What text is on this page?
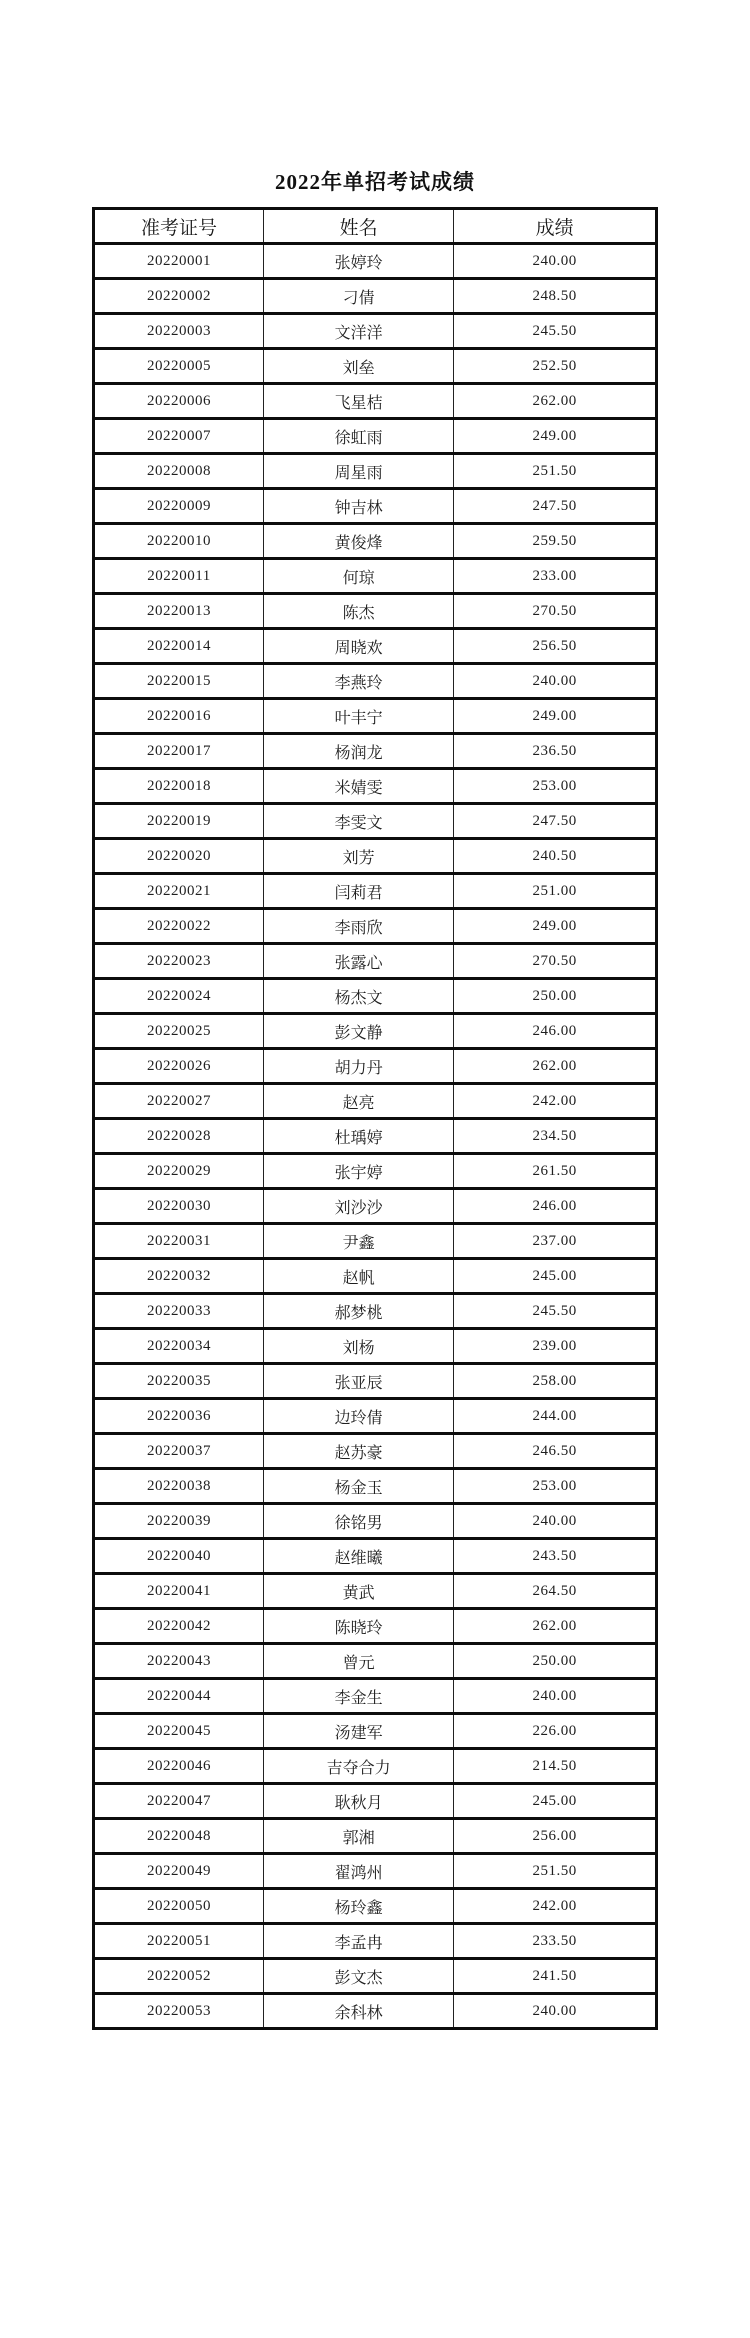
2022年单招考试成绩
准考证号	姓名	成绩
20220001	张婷玲	240.00
20220002	刁倩	248.50
20220003	文洋洋	245.50
20220005	刘垒	252.50
20220006	飞星桔	262.00
20220007	徐虹雨	249.00
20220008	周星雨	251.50
20220009	钟吉林	247.50
20220010	黄俊烽	259.50
20220011	何琼	233.00
20220013	陈杰	270.50
20220014	周晓欢	256.50
20220015	李燕玲	240.00
20220016	叶丰宁	249.00
20220017	杨润龙	236.50
20220018	米婧雯	253.00
20220019	李雯文	247.50
20220020	刘芳	240.50
20220021	闫莉君	251.00
20220022	李雨欣	249.00
20220023	张露心	270.50
20220024	杨杰文	250.00
20220025	彭文静	246.00
20220026	胡力丹	262.00
20220027	赵亮	242.00
20220028	杜瑀婷	234.50
20220029	张宇婷	261.50
20220030	刘沙沙	246.00
20220031	尹鑫	237.00
20220032	赵帆	245.00
20220033	郝梦桃	245.50
20220034	刘杨	239.00
20220035	张亚辰	258.00
20220036	边玲倩	244.00
20220037	赵苏豪	246.50
20220038	杨金玉	253.00
20220039	徐铭男	240.00
20220040	赵维曦	243.50
20220041	黄武	264.50
20220042	陈晓玲	262.00
20220043	曾元	250.00
20220044	李金生	240.00
20220045	汤建军	226.00
20220046	吉夺合力	214.50
20220047	耿秋月	245.00
20220048	郭湘	256.00
20220049	翟鸿州	251.50
20220050	杨玲鑫	242.00
20220051	李孟冉	233.50
20220052	彭文杰	241.50
20220053	余科林	240.00
